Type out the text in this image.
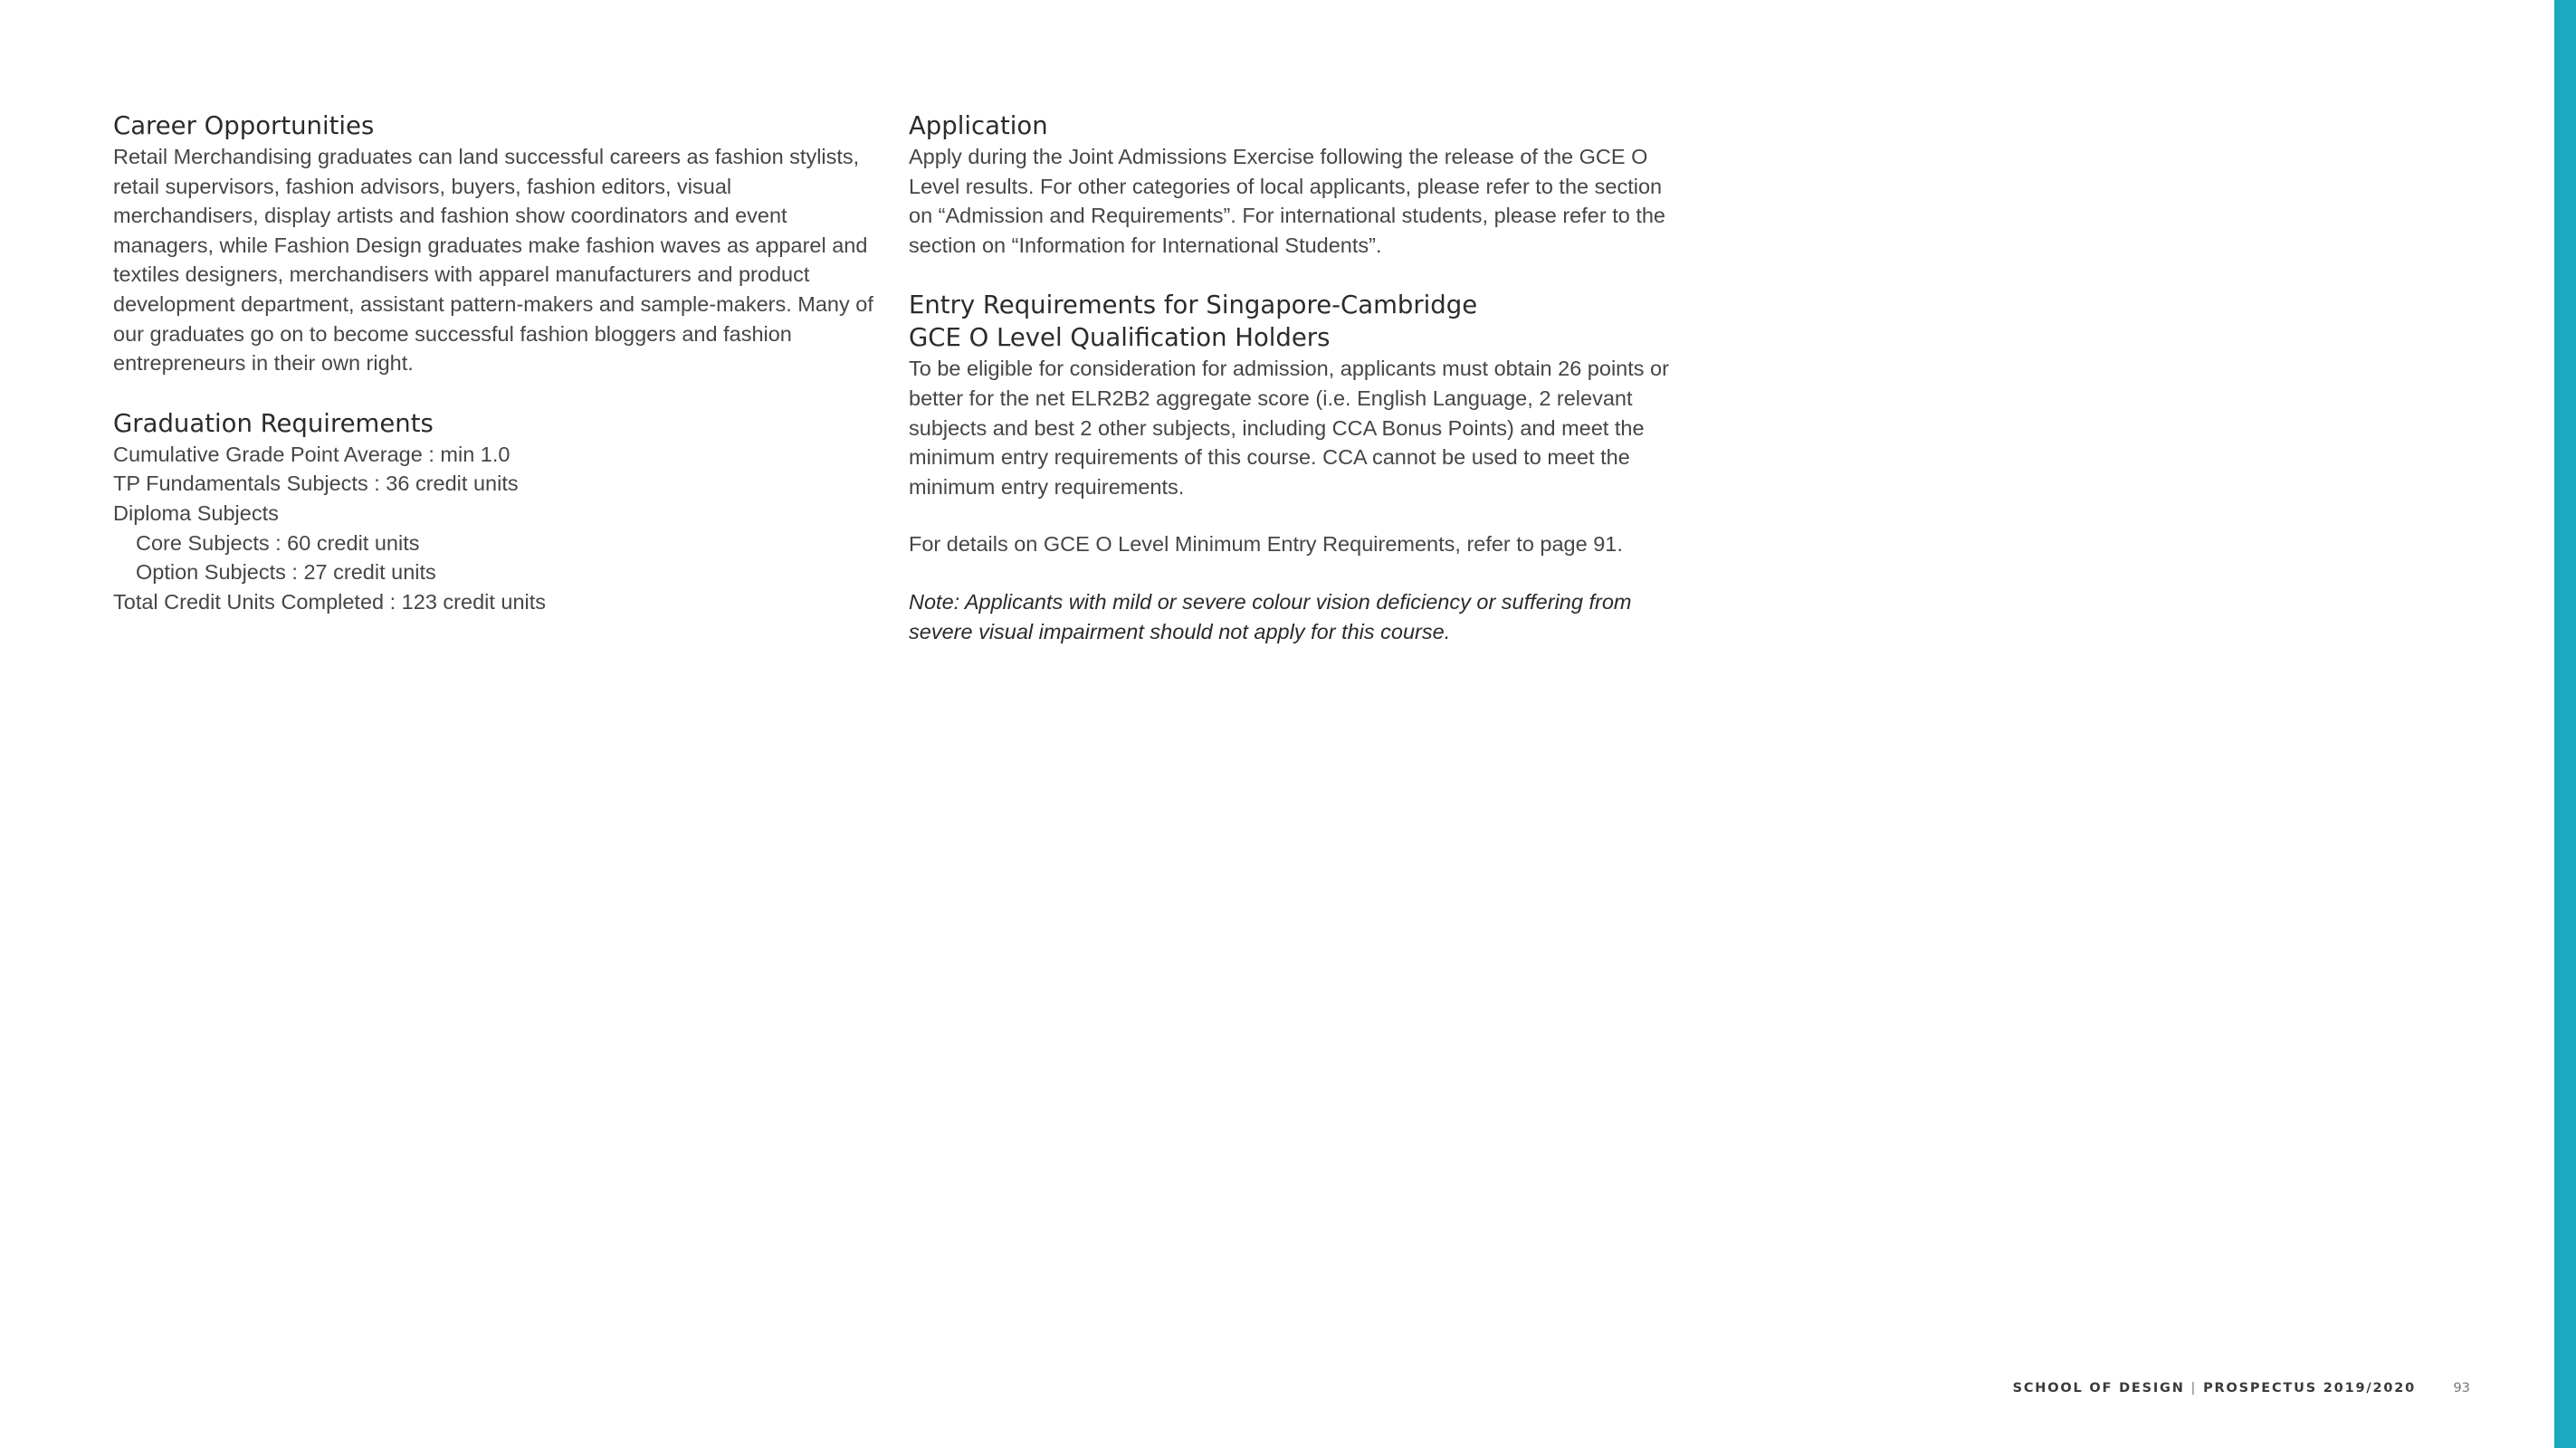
Career Opportunities

Retail Merchandising graduates can land successful careers as fashion stylists, retail supervisors, fashion advisors, buyers, fashion editors, visual merchandisers, display artists and fashion show coordinators and event managers, while Fashion Design graduates make fashion waves as apparel and textiles designers, merchandisers with apparel manufacturers and product development department, assistant pattern-makers and sample-makers. Many of our graduates go on to become successful fashion bloggers and fashion entrepreneurs in their own right.

Graduation Requirements
Cumulative Grade Point Average : min 1.0
TP Fundamentals Subjects : 36 credit units
Diploma Subjects
Core Subjects : 60 credit units
Option Subjects : 27 credit units
Total Credit Units Completed : 123 credit units
Application

Apply during the Joint Admissions Exercise following the release of the GCE O Level results. For other categories of local applicants, please refer to the section on “Admission and Requirements”. For international students, please refer to the section on “Information for International Students”.

Entry Requirements for Singapore-Cambridge
GCE O Level Qualification Holders

To be eligible for consideration for admission, applicants must obtain 26 points or better for the net ELR2B2 aggregate score (i.e. English Language, 2 relevant subjects and best 2 other subjects, including CCA Bonus Points) and meet the minimum entry requirements of this course. CCA cannot be used to meet the minimum entry requirements.

For details on GCE O Level Minimum Entry Requirements, refer to page 91.

Note: Applicants with mild or severe colour vision deficiency or suffering from severe visual impairment should not apply for this course.

SCHOOL OF DESIGN | PROSPECTUS 2019/2020	93
